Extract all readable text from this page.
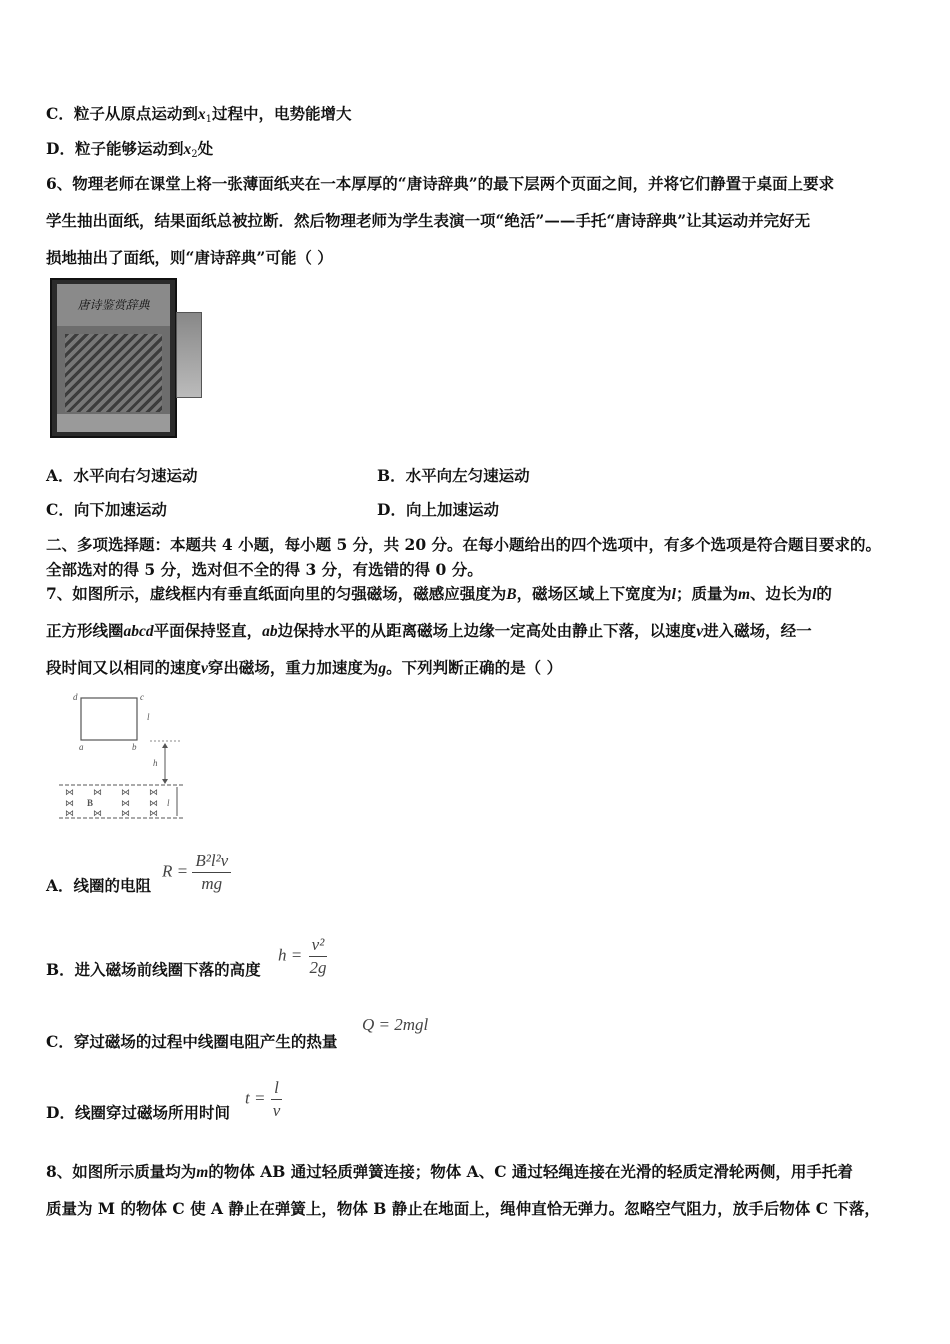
C．粒子从原点运动到$x_1$过程中，电势能增大
D．粒子能够运动到$x_2$处
6、物理老师在课堂上将一张薄面纸夹在一本厚厚的“唐诗辞典”的最下层两个页面之间，并将它们静置于桌面上要求
学生抽出面纸，结果面纸总被拉断．然后物理老师为学生表演一项“绝活”——手托“唐诗辞典”让其运动并完好无
损地抽出了面纸，则“唐诗辞典”可能（ ）
唐诗鉴赏辞典
A．水平向右匀速运动	B．水平向左匀速运动
C．向下加速运动	D．向上加速运动
二、多项选择题：本题共 4 小题，每小题 5 分，共 20 分。在每小题给出的四个选项中，有多个选项是符合题目要求的。
全部选对的得 5 分，选对但不全的得 3 分，有选错的得 0 分。
7、如图所示，虚线框内有垂直纸面向里的匀强磁场，磁感应强度为B，磁场区域上下宽度为l；质量为m、边长为l的
正方形线圈abcd平面保持竖直，ab边保持水平的从距离磁场上边缘一定高处由静止下落，以速度v进入磁场，经一
段时间又以相同的速度v穿出磁场，重力加速度为g。下列判断正确的是（ ）
d	c
a	b
l
h
⋈ ⋈ ⋈ ⋈
⋈	⋈ ⋈
⋈ ⋈ ⋈ ⋈
B	l
A．线圈的电阻
$R = \frac{\text{B²l²v}}{mg}$
B．进入磁场前线圈下落的高度
$h = \frac{\text{v²}}{2g}$
C．穿过磁场的过程中线圈电阻产生的热量
Q = 2mgl
D．线圈穿过磁场所用时间
$t = \frac{l}{v}$
8、如图所示质量均为m的物体 AB 通过轻质弹簧连接；物体 A、C 通过轻绳连接在光滑的轻质定滑轮两侧，用手托着
质量为 M 的物体 C 使 A 静止在弹簧上，物体 B 静止在地面上，绳伸直恰无弹力。忽略空气阻力，放手后物体 C 下落，
